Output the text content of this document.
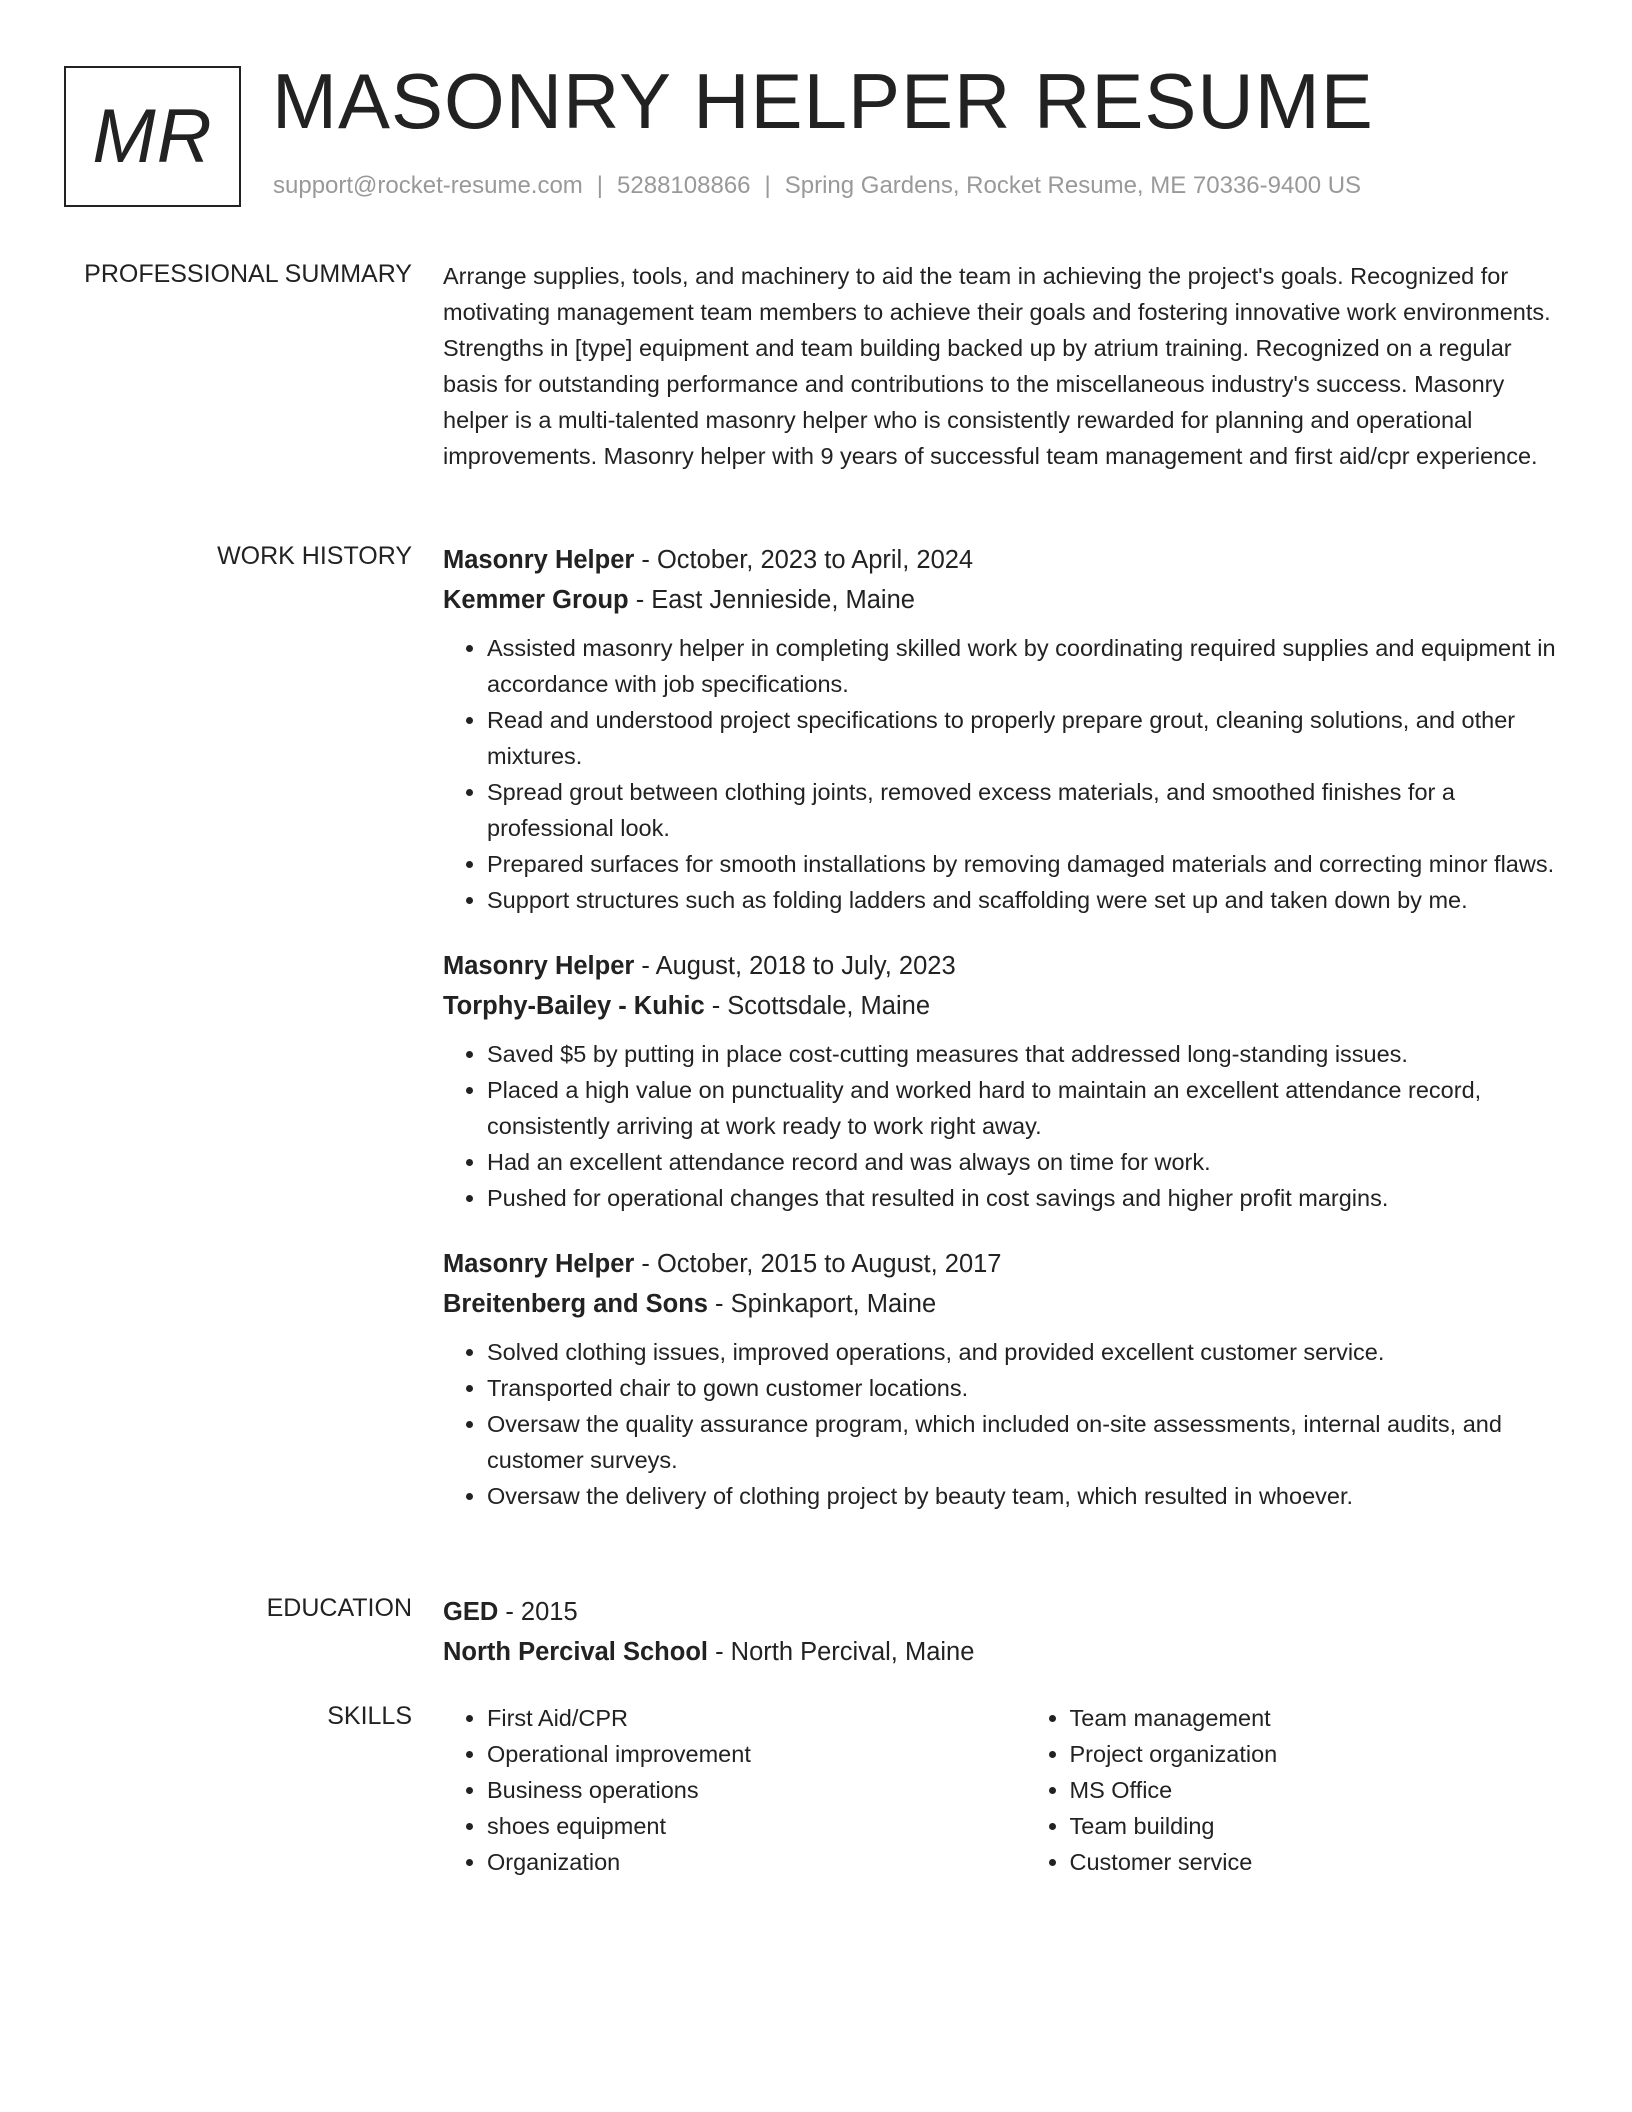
MR MASONRY HELPER RESUME
support@rocket-resume.com | 5288108866 | Spring Gardens, Rocket Resume, ME 70336-9400 US
PROFESSIONAL SUMMARY Arrange supplies, tools, and machinery to aid the team in achieving the project's goals. Recognized for motivating management team members to achieve their goals and fostering innovative work environments. Strengths in [type] equipment and team building backed up by atrium training. Recognized on a regular basis for outstanding performance and contributions to the miscellaneous industry's success. Masonry helper is a multi-talented masonry helper who is consistently rewarded for planning and operational improvements. Masonry helper with 9 years of successful team management and first aid/cpr experience.

WORK HISTORY Masonry Helper - October, 2023 to April, 2024
Kemmer Group - East Jennieside, Maine
• Assisted masonry helper in completing skilled work by coordinating required supplies and equipment in accordance with job specifications.
• Read and understood project specifications to properly prepare grout, cleaning solutions, and other mixtures.
• Spread grout between clothing joints, removed excess materials, and smoothed finishes for a professional look.
• Prepared surfaces for smooth installations by removing damaged materials and correcting minor flaws.
• Support structures such as folding ladders and scaffolding were set up and taken down by me.
Masonry Helper - August, 2018 to July, 2023
Torphy-Bailey - Kuhic - Scottsdale, Maine
• Saved $5 by putting in place cost-cutting measures that addressed long-standing issues.
• Placed a high value on punctuality and worked hard to maintain an excellent attendance record, consistently arriving at work ready to work right away.
• Had an excellent attendance record and was always on time for work.
• Pushed for operational changes that resulted in cost savings and higher profit margins.
Masonry Helper - October, 2015 to August, 2017
Breitenberg and Sons - Spinkaport, Maine
• Solved clothing issues, improved operations, and provided excellent customer service.
• Transported chair to gown customer locations.
• Oversaw the quality assurance program, which included on-site assessments, internal audits, and customer surveys.
• Oversaw the delivery of clothing project by beauty team, which resulted in whoever.
EDUCATION GED - 2015
North Percival School - North Percival, Maine
SKILLS
•	First Aid/CPR
• Operational improvement
• Business operations
• shoes equipment
• Organization
• Team management
• Project organization
• MS Office
• Team building
• Customer service
